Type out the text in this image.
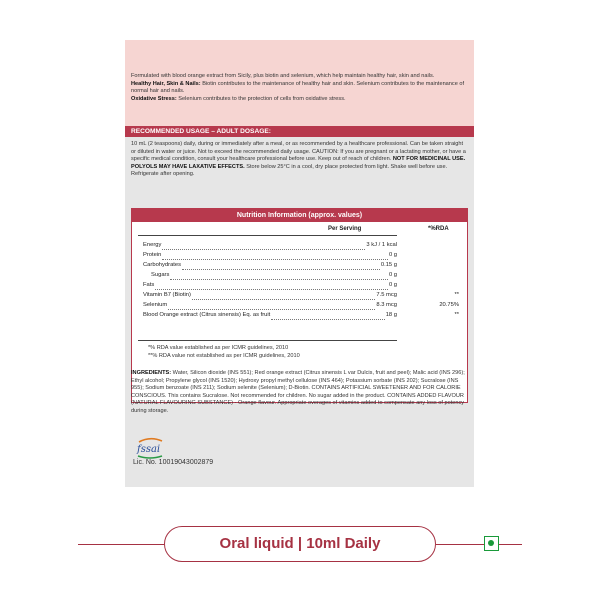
Formulated with blood orange extract from Sicily, plus biotin and selenium, which help maintain healthy hair, skin and nails.
Healthy Hair, Skin & Nails: Biotin contributes to the maintenance of healthy hair and skin. Selenium contributes to the maintenance of normal hair and nails.
Oxidative Stress: Selenium contributes to the protection of cells from oxidative stress.
RECOMMENDED USAGE – ADULT DOSAGE:
10 mL (2 teaspoons) daily, during or immediately after a meal, or as recommended by a healthcare professional. Can be taken straight or diluted in water or juice. Not to exceed the recommended daily usage. CAUTION: If you are pregnant or a lactating mother, or have a specific medical condition, consult your healthcare professional before use. Keep out of reach of children. NOT FOR MEDICINAL USE. POLYOLS MAY HAVE LAXATIVE EFFECTS. Store below 25°C in a cool, dry place protected from light. Shake well before use. Refrigerate after opening.
Nutrition Information (approx. values)
Per Serving	*%RDA
Energy	3 kJ / 1 kcal
Protein	0 g
Carbohydrates	0.15 g
Sugars	0 g
Fats	0 g
Vitamin B7 (Biotin)	7.5 mcg	**
Selenium	8.3 mcg	20.75%
Blood Orange extract (Citrus sinensis) Eq. as fruit	18 g	**
*% RDA value established as per ICMR guidelines, 2010
**% RDA value not established as per ICMR guidelines, 2010
INGREDIENTS: Water, Silicon dioxide (INS 551); Red orange extract (Citrus sinensis L var Dulcis, fruit and peel); Malic acid (INS 296); Ethyl alcohol; Propylene glycol (INS 1520); Hydroxy propyl methyl cellulose (INS 464); Potassium sorbate (INS 202); Sucralose (INS 955); Sodium benzoate (INS 211); Sodium selenite (Selenium); D-Biotin. CONTAINS ARTIFICIAL SWEETENER AND FOR CALORIE CONSCIOUS. This contains Sucralose. Not recommended for children. No sugar added in the product. CONTAINS ADDED FLAVOUR (NATURAL FLAVOURING SUBSTANCE) - Orange flavour. Appropriate overages of vitamins added to compensate any loss of potency during storage.
fssai
Lic. No. 10019043002879
Oral liquid | 10ml Daily
